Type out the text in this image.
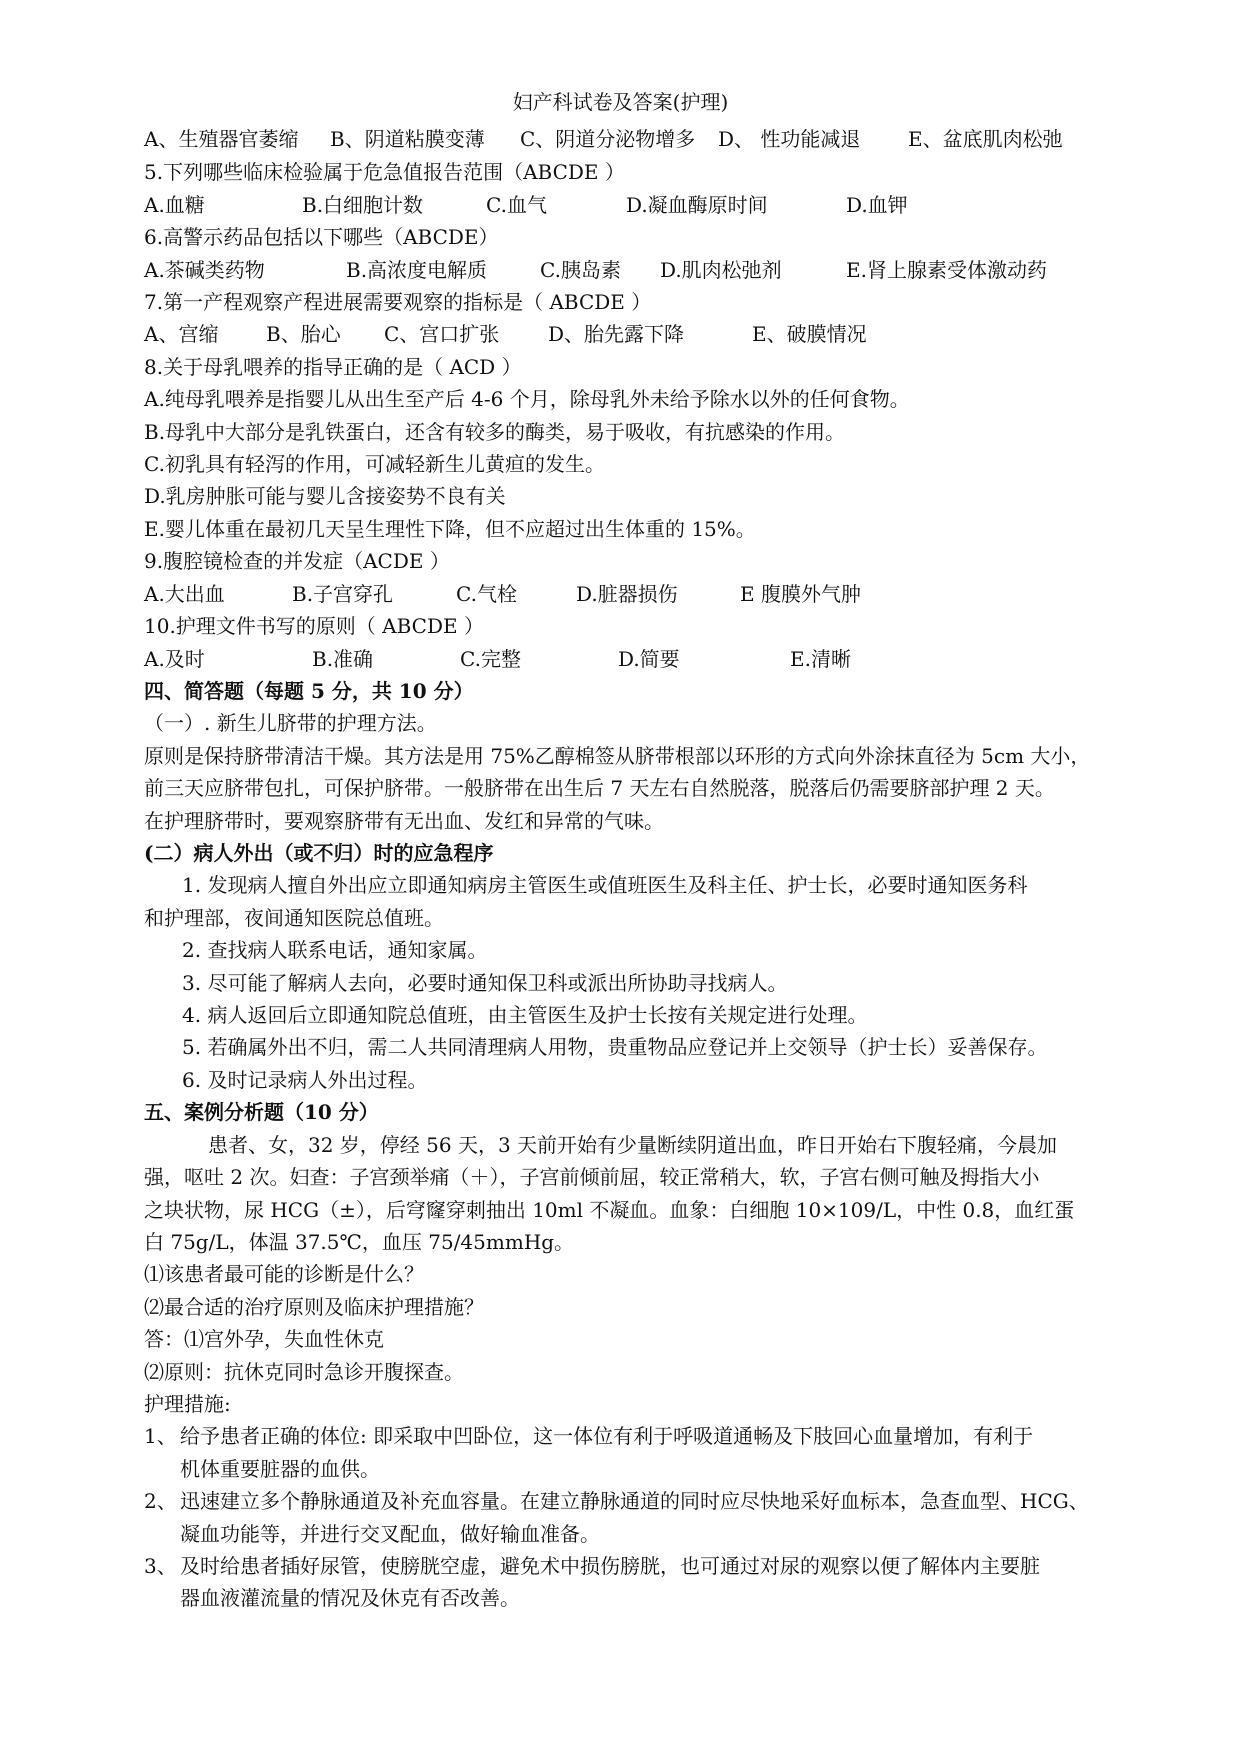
妇产科试卷及答案(护理)
A、生殖器官萎缩 B、阴道粘膜变薄 C、阴道分泌物增多 D、 性功能减退 E、盆底肌肉松弛
5.下列哪些临床检验属于危急值报告范围（ABCDE ）
A.血糖	B.白细胞计数	C.血气	D.凝血酶原时间	D.血钾
6.高警示药品包括以下哪些（ABCDE）
A.茶碱类药物	B.高浓度电解质	C.胰岛素 D.肌肉松弛剂	E.肾上腺素受体激动药
7.第一产程观察产程进展需要观察的指标是（ ABCDE ）
A、宫缩 B、胎心 C、宫口扩张 D、胎先露下降	E、破膜情况
8.关于母乳喂养的指导正确的是（ ACD ）
A.纯母乳喂养是指婴儿从出生至产后 4-6 个月，除母乳外未给予除水以外的任何食物。
B.母乳中大部分是乳铁蛋白，还含有较多的酶类，易于吸收，有抗感染的作用。
C.初乳具有轻泻的作用，可减轻新生儿黄疸的发生。
D.乳房肿胀可能与婴儿含接姿势不良有关
E.婴儿体重在最初几天呈生理性下降，但不应超过出生体重的 15%。
9.腹腔镜检查的并发症（ACDE ）
A.大出血	B.子宫穿孔	C.气栓	D.脏器损伤	E 腹膜外气肿
10.护理文件书写的原则（ ABCDE ）
A.及时	B.准确	C.完整	D.简要	E.清晰
四、简答题（每题 5 分，共 10 分）
（一）. 新生儿脐带的护理方法。
原则是保持脐带清洁干燥。其方法是用 75%乙醇棉签从脐带根部以环形的方式向外涂抹直径为 5cm 大小，
前三天应脐带包扎，可保护脐带。一般脐带在出生后 7 天左右自然脱落，脱落后仍需要脐部护理 2 天。
在护理脐带时，要观察脐带有无出血、发红和异常的气味。
(二）病人外出（或不归）时的应急程序
1. 发现病人擅自外出应立即通知病房主管医生或值班医生及科主任、护士长，必要时通知医务科
和护理部，夜间通知医院总值班。
2. 查找病人联系电话，通知家属。
3. 尽可能了解病人去向，必要时通知保卫科或派出所协助寻找病人。
4. 病人返回后立即通知院总值班，由主管医生及护士长按有关规定进行处理。
5. 若确属外出不归，需二人共同清理病人用物，贵重物品应登记并上交领导（护士长）妥善保存。
6. 及时记录病人外出过程。
五、案例分析题（10 分）
患者、女，32 岁，停经 56 天，3 天前开始有少量断续阴道出血，昨日开始右下腹轻痛，今晨加
强，呕吐 2 次。妇查：子宫颈举痛（＋），子宫前倾前屈，较正常稍大，软，子宫右侧可触及拇指大小
之块状物，尿 HCG（±），后穹窿穿刺抽出 10ml 不凝血。血象：白细胞 10×109/L，中性 0.8，血红蛋
白 75g/L，体温 37.5℃，血压 75/45mmHg。
⑴该患者最可能的诊断是什么？
⑵最合适的治疗原则及临床护理措施？
答：⑴宫外孕，失血性休克
⑵原则：抗休克同时急诊开腹探查。
护理措施:
1、 给予患者正确的体位: 即采取中凹卧位，这一体位有利于呼吸道通畅及下肢回心血量增加，有利于
机体重要脏器的血供。
2、 迅速建立多个静脉通道及补充血容量。在建立静脉通道的同时应尽快地采好血标本，急查血型、HCG、
凝血功能等，并进行交叉配血，做好输血准备。
3、 及时给患者插好尿管，使膀胱空虚，避免术中损伤膀胱，也可通过对尿的观察以便了解体内主要脏
器血液灌流量的情况及休克有否改善。
